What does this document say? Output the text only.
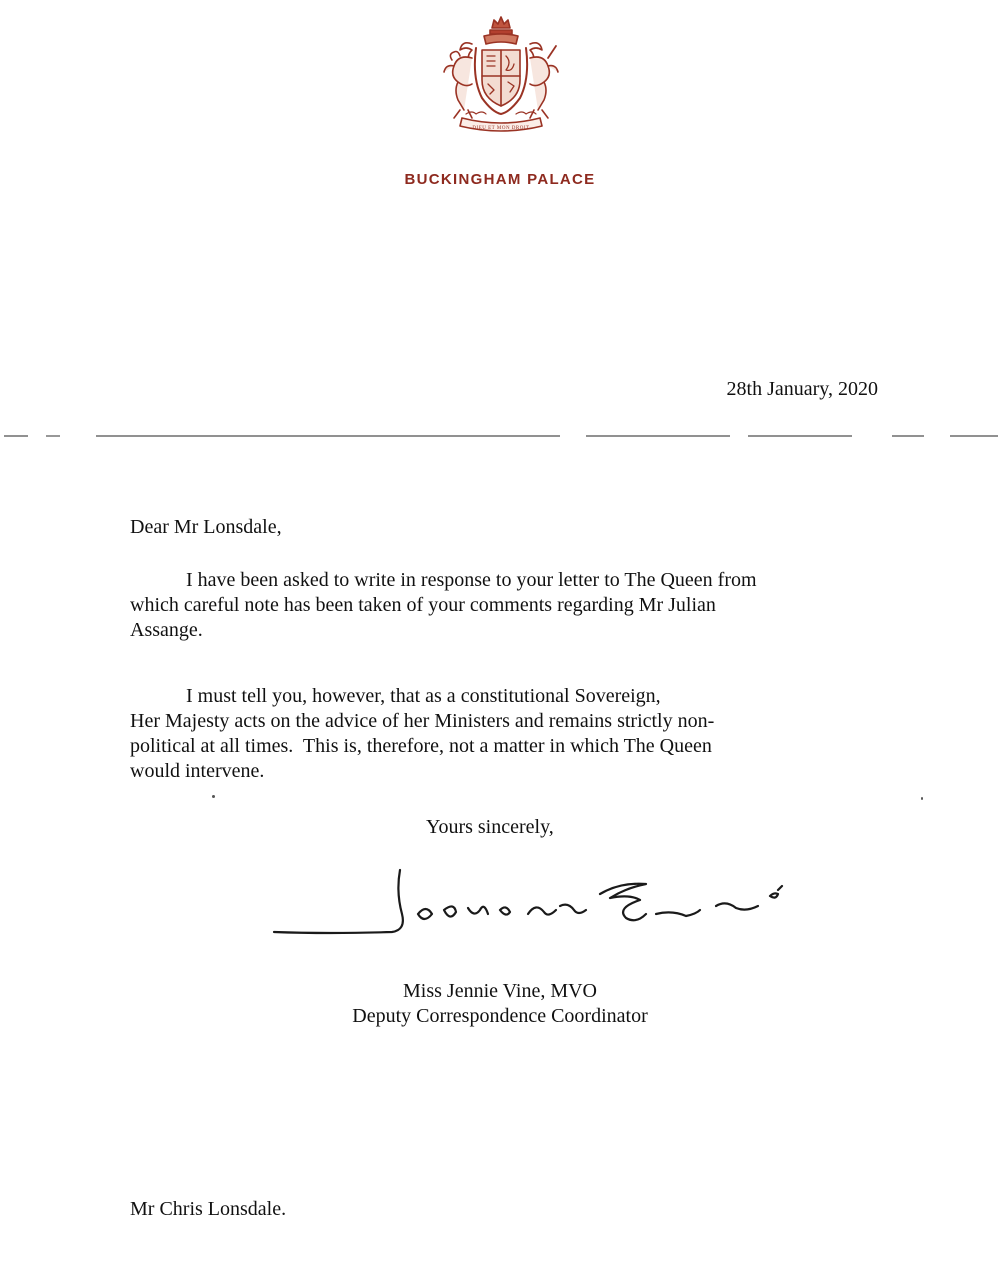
DIEU ET MON DROIT
BUCKINGHAM PALACE
28th January, 2020
Dear Mr Lonsdale,

I have been asked to write in response to your letter to The Queen from
which careful note has been taken of your comments regarding Mr Julian
Assange.

I must tell you, however, that as a constitutional Sovereign,
Her Majesty acts on the advice of her Ministers and remains strictly non-
political at all times.  This is, therefore, not a matter in which The Queen
would intervene.

Yours sincerely,
Miss Jennie Vine, MVO
Deputy Correspondence Coordinator
Mr Chris Lonsdale.
